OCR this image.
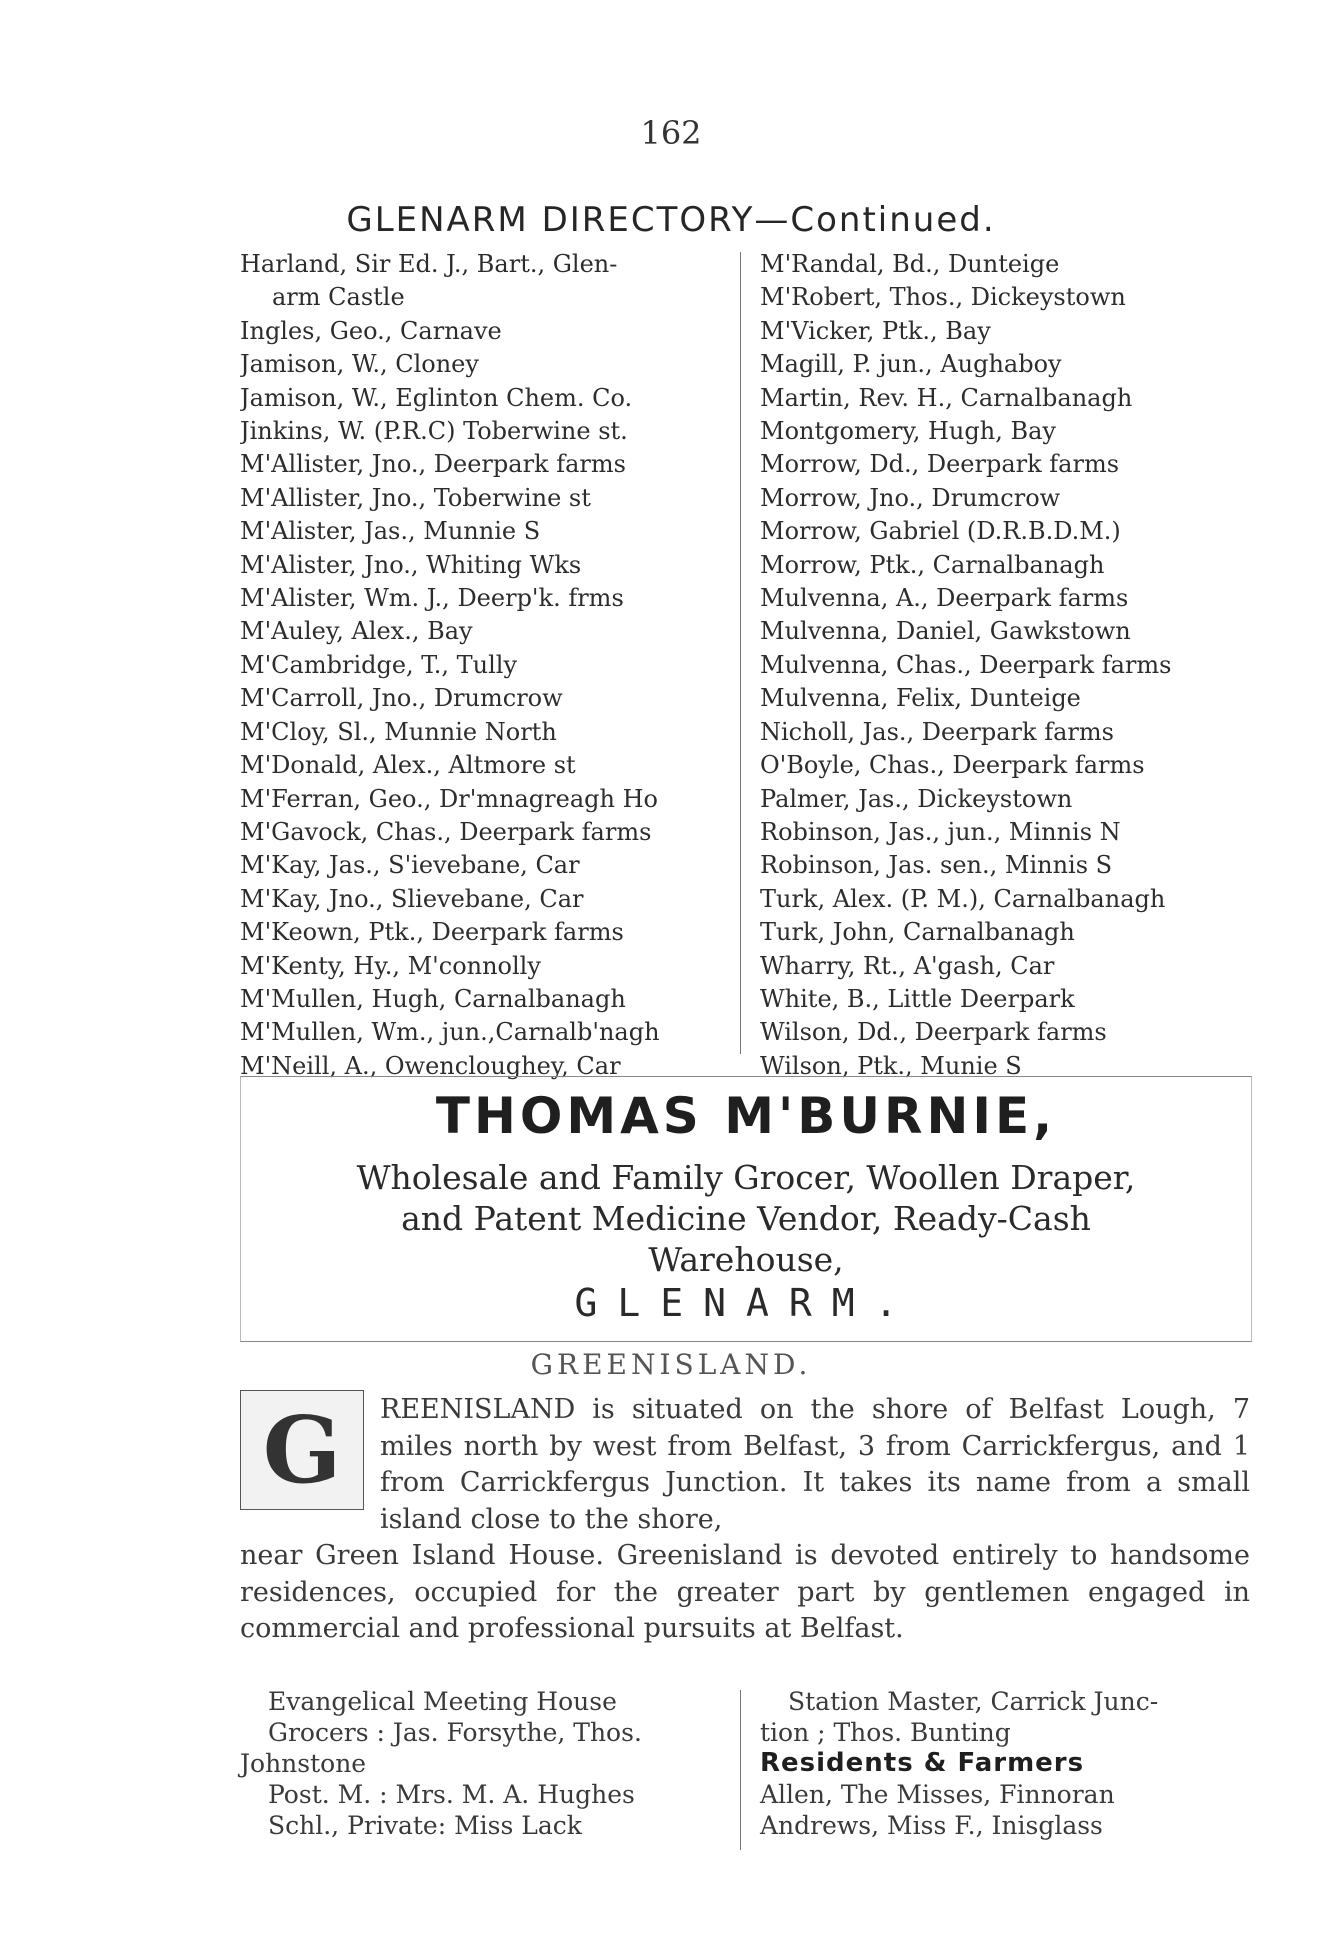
162
GLENARM DIRECTORY—Continued.
Harland, Sir Ed. J., Bart., Glen-
arm Castle
Ingles, Geo., Carnave
Jamison, W., Cloney
Jamison, W., Eglinton Chem. Co.
Jinkins, W. (P.R.C) Toberwine st.
M'Allister, Jno., Deerpark farms
M'Allister, Jno., Toberwine st
M'Alister, Jas., Munnie S
M'Alister, Jno., Whiting Wks
M'Alister, Wm. J., Deerp'k. frms
M'Auley, Alex., Bay
M'Cambridge, T., Tully
M'Carroll, Jno., Drumcrow
M'Cloy, Sl., Munnie North
M'Donald, Alex., Altmore st
M'Ferran, Geo., Dr'mnagreagh Ho
M'Gavock, Chas., Deerpark farms
M'Kay, Jas., S'ievebane, Car
M'Kay, Jno., Slievebane, Car
M'Keown, Ptk., Deerpark farms
M'Kenty, Hy., M'connolly
M'Mullen, Hugh, Carnalbanagh
M'Mullen, Wm., jun.,Carnalb'nagh
M'Neill, A., Owencloughey, Car
M'Randal, Bd., Dunteige
M'Robert, Thos., Dickeystown
M'Vicker, Ptk., Bay
Magill, P. jun., Aughaboy
Martin, Rev. H., Carnalbanagh
Montgomery, Hugh, Bay
Morrow, Dd., Deerpark farms
Morrow, Jno., Drumcrow
Morrow, Gabriel (D.R.B.D.M.)
Morrow, Ptk., Carnalbanagh
Mulvenna, A., Deerpark farms
Mulvenna, Daniel, Gawkstown
Mulvenna, Chas., Deerpark farms
Mulvenna, Felix, Dunteige
Nicholl, Jas., Deerpark farms
O'Boyle, Chas., Deerpark farms
Palmer, Jas., Dickeystown
Robinson, Jas., jun., Minnis N
Robinson, Jas. sen., Minnis S
Turk, Alex. (P. M.), Carnalbanagh
Turk, John, Carnalbanagh
Wharry, Rt., A'gash, Car
White, B., Little Deerpark
Wilson, Dd., Deerpark farms
Wilson, Ptk., Munie S
THOMAS M'BURNIE,
Wholesale and Family Grocer, Woollen Draper,
and Patent Medicine Vendor, Ready-Cash
Warehouse,
GLENARM.
GREENISLAND.
G	REENISLAND is situated on the shore of Belfast Lough, 7 miles north by west from Belfast, 3 from Carrickfergus, and 1 from Carrickfergus Junction. It takes its name from a small island close to the shore,
near Green Island House. Greenisland is devoted entirely to handsome residences, occupied for the greater part by gentlemen engaged in commercial and professional pursuits at Belfast.
Evangelical Meeting House
Grocers : Jas. Forsythe, Thos.
Johnstone
Post. M. : Mrs. M. A. Hughes
Schl., Private: Miss Lack
Station Master, Carrick Junc-
tion ; Thos. Bunting
Residents & Farmers
Allen, The Misses, Finnoran
Andrews, Miss F., Inisglass
